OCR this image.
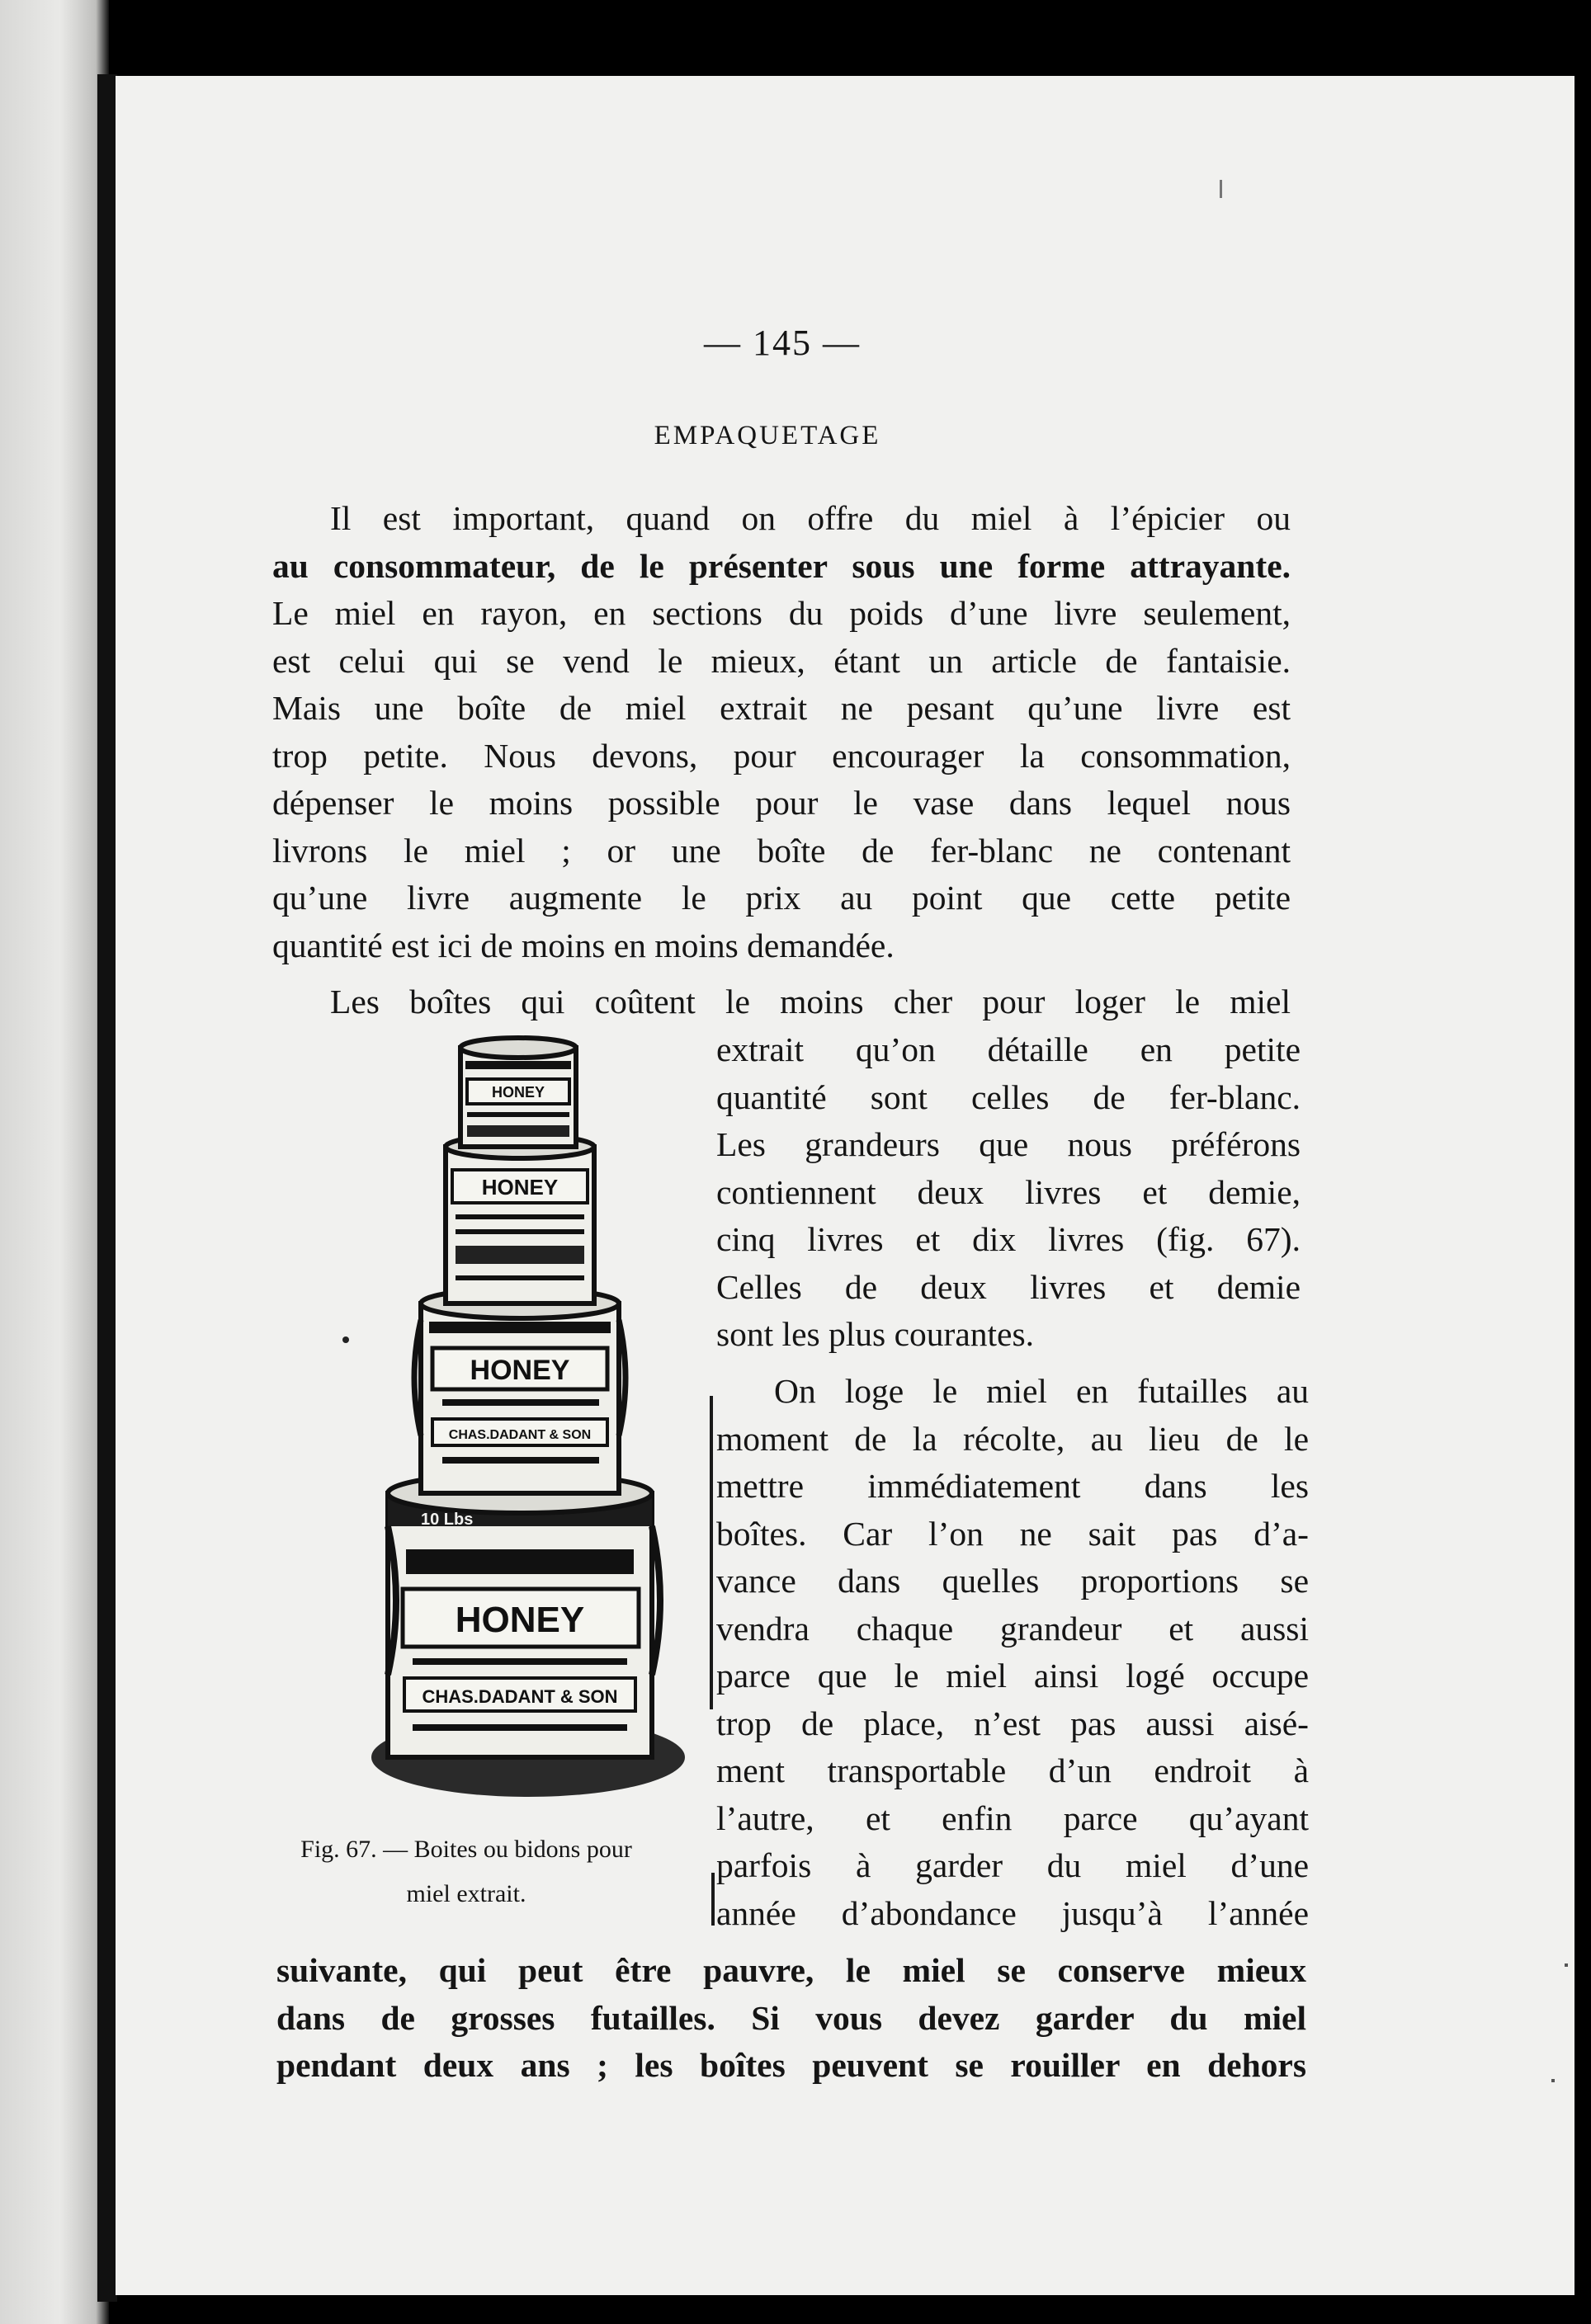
— 145 —
EMPAQUETAGE

Il est important, quand on offre du miel à l’épicier ou
au consommateur, de le présenter sous une forme attrayante.
Le miel en rayon, en sections du poids d’une livre seulement,
est celui qui se vend le mieux, étant un article de fantaisie.
Mais une boîte de miel extrait ne pesant qu’une livre est
trop petite. Nous devons, pour encourager la consommation,
dépenser le moins possible pour le vase dans lequel nous
livrons le miel ; or une boîte de fer-blanc ne contenant
qu’une livre augmente le prix au point que cette petite
quantité est ici de moins en moins demandée.

Les boîtes qui coûtent le moins cher pour loger le miel

extrait qu’on détaille en petite
quantité sont celles de fer-blanc.
Les grandeurs que nous préférons
contiennent deux livres et demie,
cinq livres et dix livres (fig. 67).
Celles de deux livres et demie
sont les plus courantes.

On loge le miel en futailles au
moment de la récolte, au lieu de le
mettre immédiatement dans les
boîtes. Car l’on ne sait pas d’a-
vance dans quelles proportions se
vendra chaque grandeur et aussi
parce que le miel ainsi logé occupe
trop de place, n’est pas aussi aisé-
ment transportable d’un endroit à
l’autre, et enfin parce qu’ayant
parfois à garder du miel d’une
année d’abondance jusqu’à l’année

suivante, qui peut être pauvre, le miel se conserve mieux
dans de grosses futailles. Si vous devez garder du miel
pendant deux ans ; les boîtes peuvent se rouiller en dehors

HONEY
CHAS.DADANT & SON
10 Lbs
HONEY
CHAS.DADANT & SON
HONEY
HONEY
Fig. 67. — Boites ou bidons pour
miel extrait.
